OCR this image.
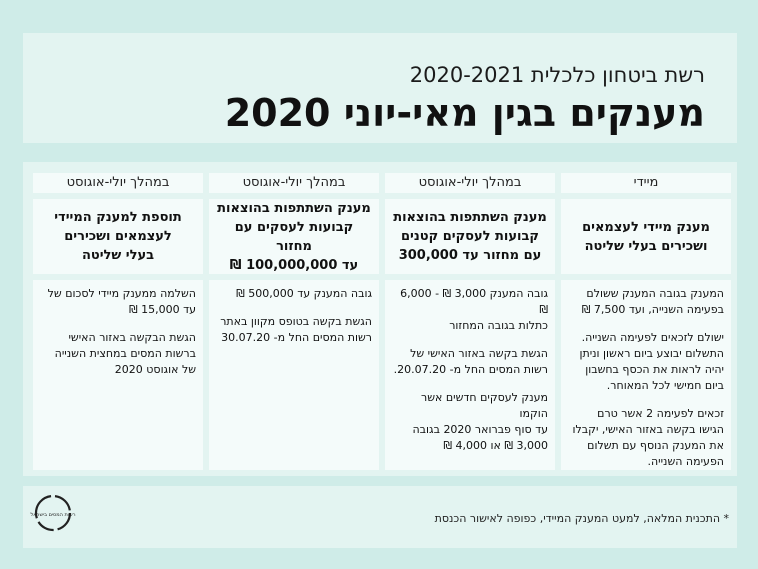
רשת ביטחון כלכלית 2020-2021
מענקים בגין מאי-יוני 2020
מיידי
מענק מיידי לעצמאים
ושכירים בעלי שליטה

המענק בגובה המענק ששולם
בפעימה השנייה, ועד 7,500 ₪

ישולם לזכאים לפעימה השנייה.
התשלום יבוצע ביום ראשון וניתן
יהיה לראות את הכסף בחשבון
ביום חמישי לכל המאוחר.

זכאים לפעימה 2 אשר טרם
הגישו בקשה באזור האישי, יקבלו
את המענק הנוסף עם תשלום
הפעימה השנייה.

במהלך יולי-אוגוסט
מענק השתתפות בהוצאות
קבועות לעסקים קטנים
עם מחזור עד 300,000

גובה המענק 3,000 ₪ - 6,000 ₪
כתלות בגובה המחזור

הגשת בקשה באזור האישי של
רשות המסים החל מ- 20.07.20.

מענק לעסקים חדשים אשר הוקמו
עד סוף פברואר 2020 בגובה
3,000 ₪ או 4,000 ₪

במהלך יולי-אוגוסט
מענק השתתפות בהוצאות
קבועות לעסקים עם מחזור
עד 100,000,000 ₪

גובה המענק עד 500,000 ₪

הגשת בקשה בטופס מקוון באתר
רשות המסים החל מ- 30.07.20

במהלך יולי-אוגוסט
תוספת למענק המיידי
לעצמאים ושכירים
בעלי שליטה

השלמה ממענק מיידי לסכום של
עד 15,000 ₪

הגשת הבקשה באזור האישי
ברשות המסים במחצית השנייה
של אוגוסט 2020

* התכנית המלאה, למעט המענק המיידי, כפופה לאישור הכנסת
רשות המסים בישראל
